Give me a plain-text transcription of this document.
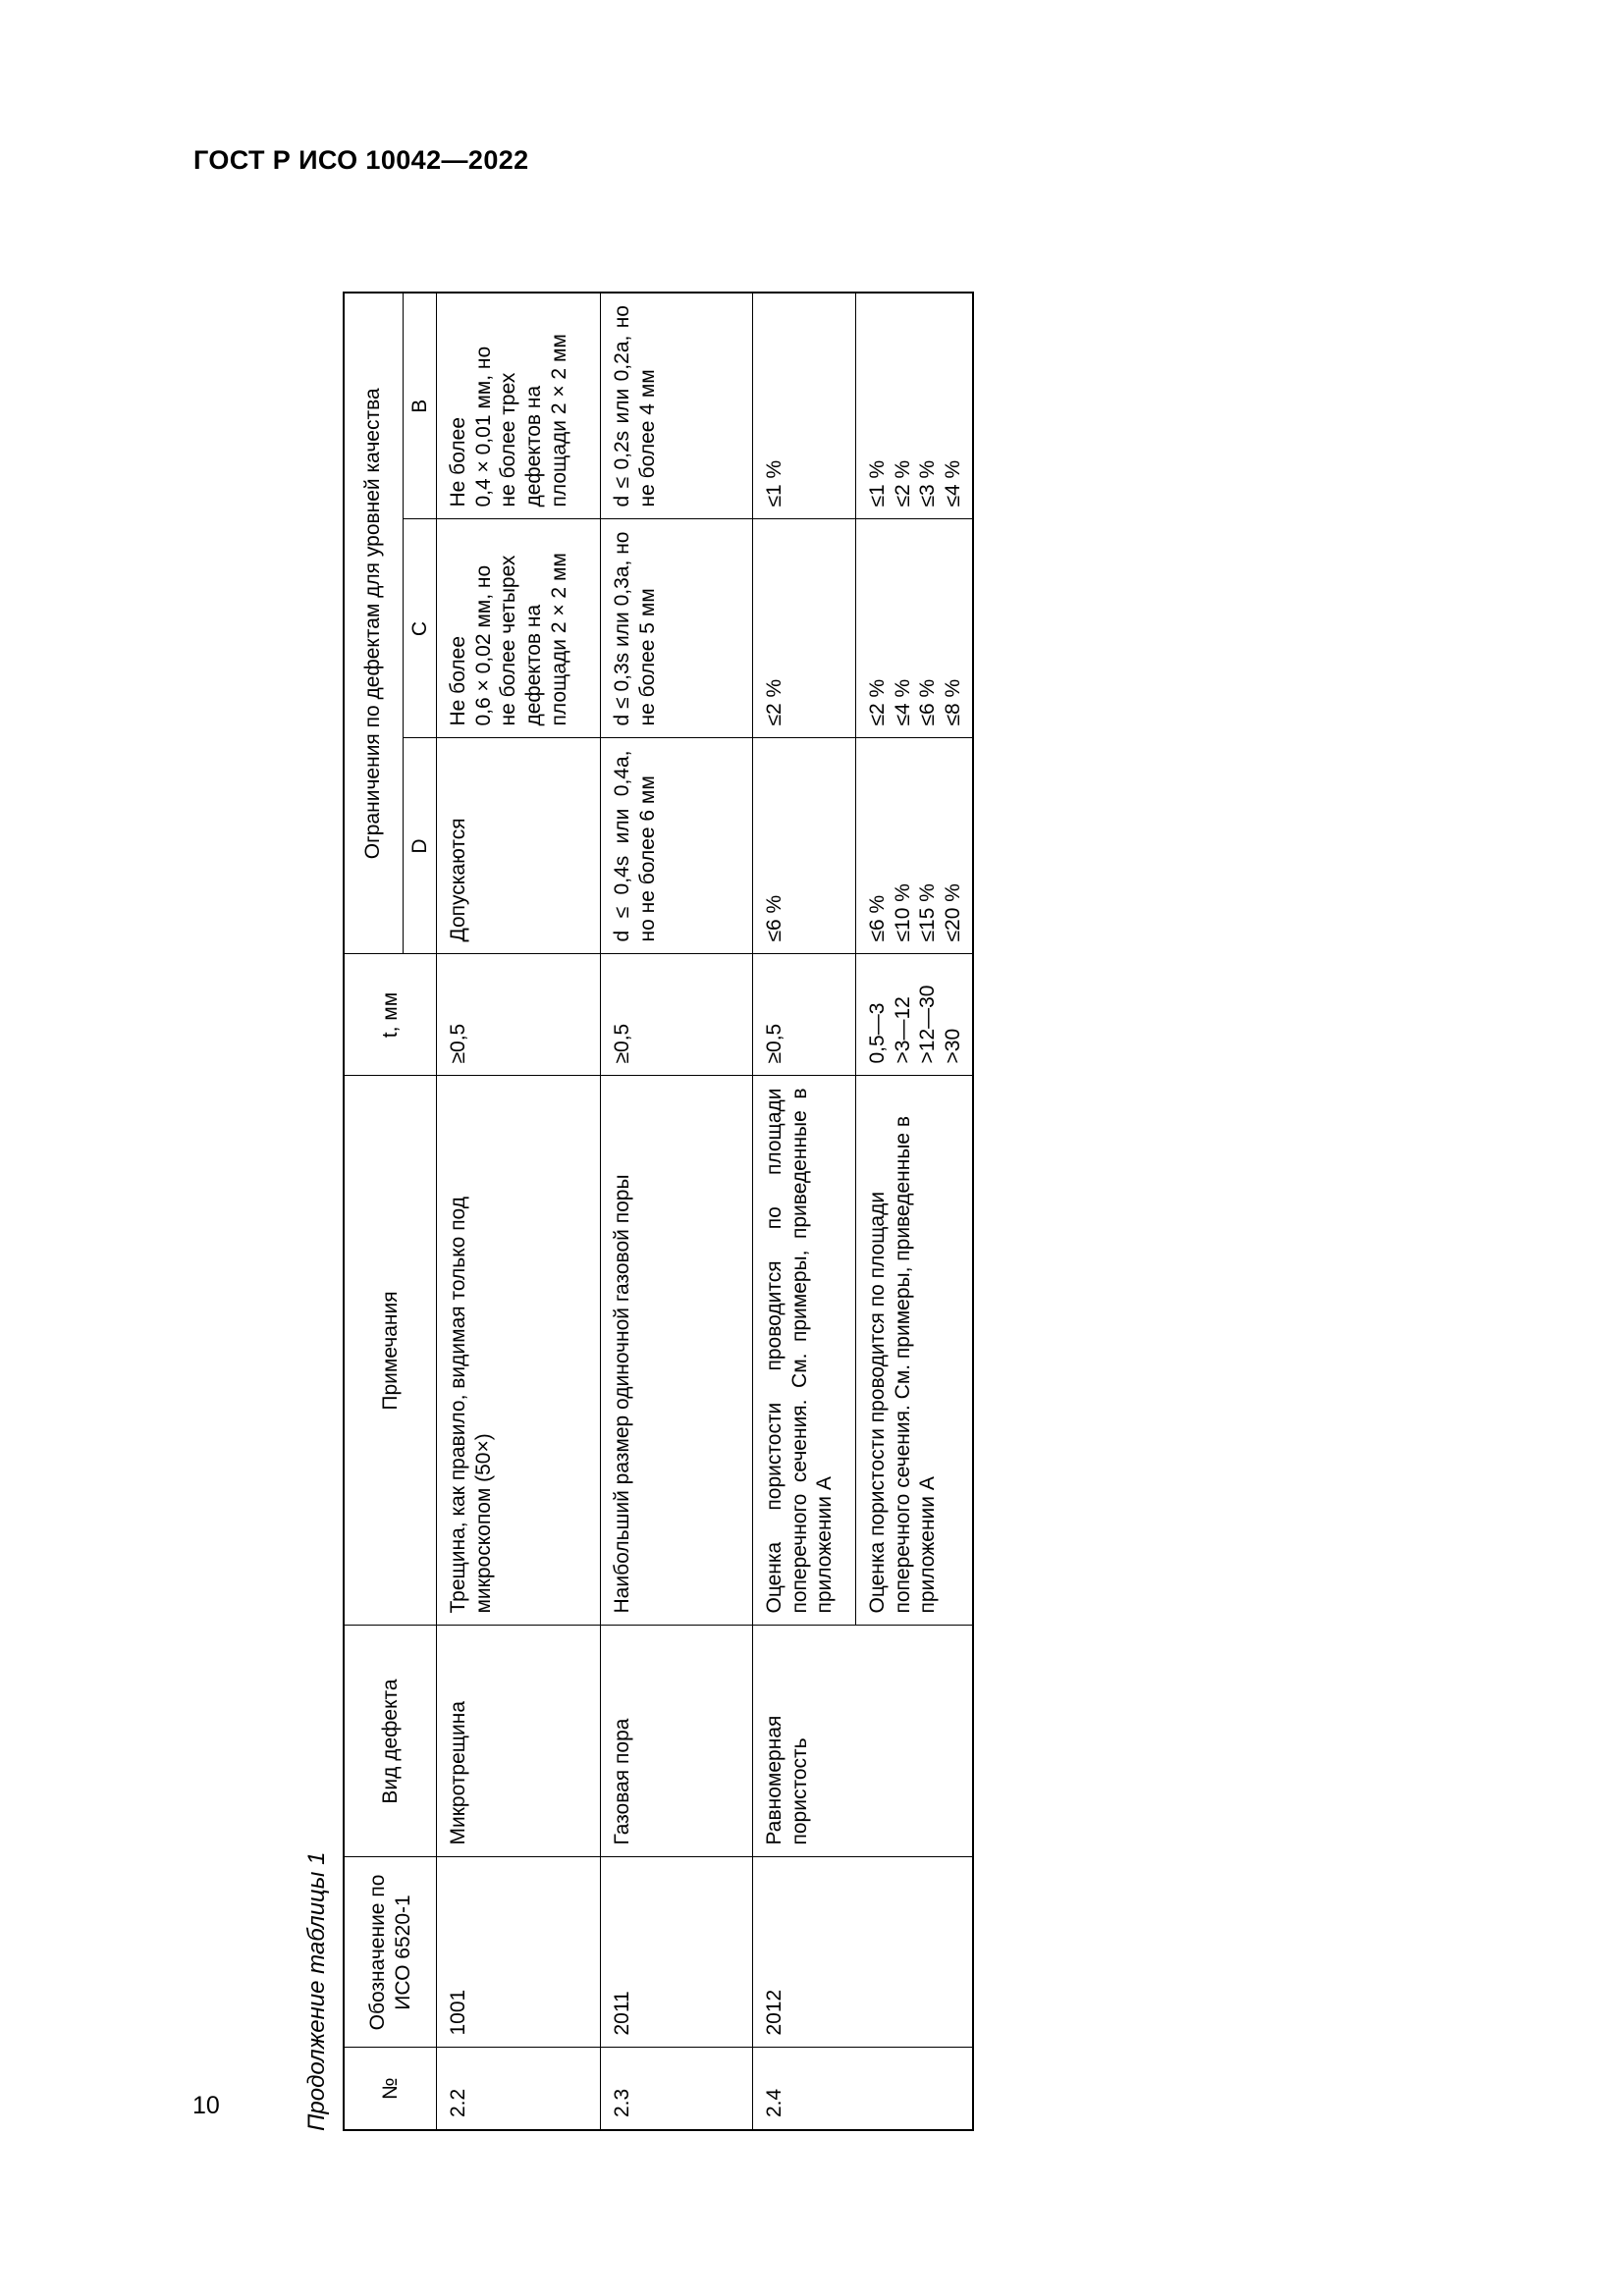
ГОСТ Р ИСО 10042—2022
Продолжение таблицы 1 №	Обозначение по ИСО 6520-1	Вид дефекта	Примечания	t, мм	Ограничения по дефектам для уровней качества		
					D	C	B
2.2	1001	Микротрещина	Трещина, как правило, видимая только под микроскопом (50×)	≥0,5	Допускаются	Не более 0,6 × 0,02 мм, но не более четырех дефектов на площади 2 × 2 мм	Не более 0,4 × 0,01 мм, но не более трех дефектов на площади 2 × 2 мм

2.3	2011	Газовая пора	Наибольший размер одиночной газовой поры	≥0,5	d ≤ 0,4s или 0,4a, но не более 6 мм	d ≤ 0,3s или 0,3a, но не более 5 мм	d ≤ 0,2s или 0,2a, но не более 4 мм
2.4	2012	Равномерная пористость	Оценка пористости проводится по площади поперечного сечения. См. примеры, приведенные в приложении А	≥0,5	≤6 %	≤2 %	≤1 %
			Оценка пористости проводится по площади поперечного сечения. См. примеры, приведенные в приложении А	0,5—3 >3—12 >12—30 >30	≤6 % ≤10 % ≤15 % ≤20 %	≤2 % ≤4 % ≤6 % ≤8 %	≤1 % ≤2 % ≤3 % ≤4 %
10
